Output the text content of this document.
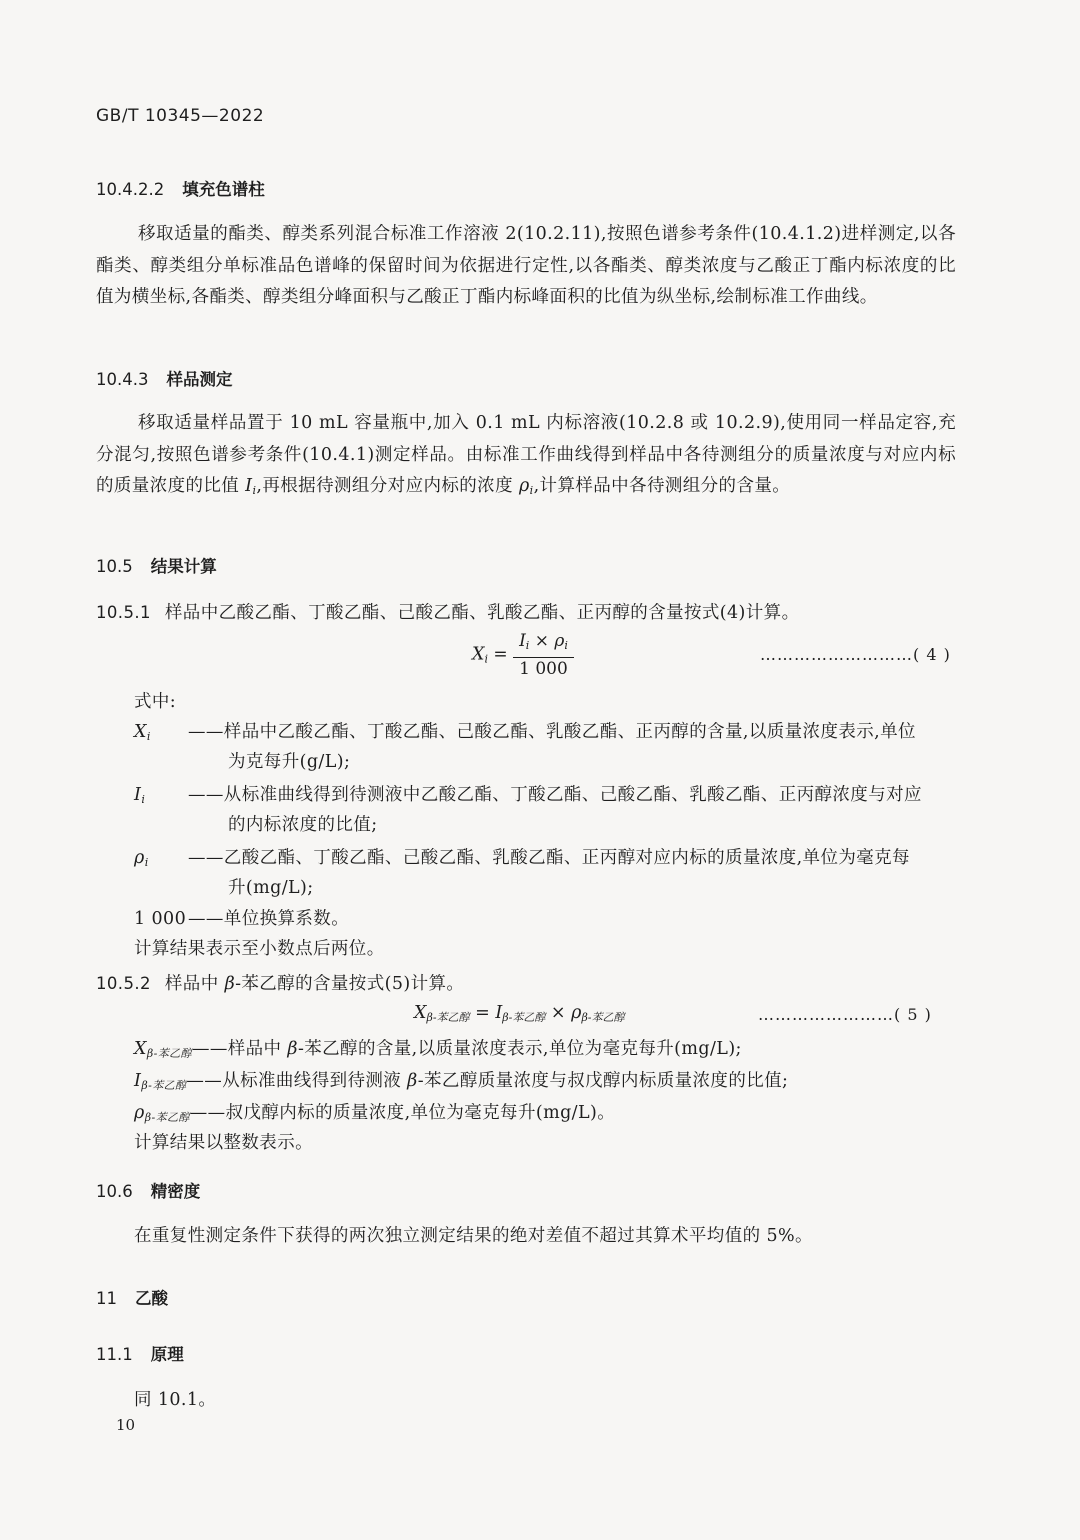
GB/T 10345—2022
10.4.2.2 填充色谱柱
移取适量的酯类、醇类系列混合标准工作溶液 2(10.2.11),按照色谱参考条件(10.4.1.2)进样测定,以各酯类、醇类组分单标准品色谱峰的保留时间为依据进行定性,以各酯类、醇类浓度与乙酸正丁酯内标浓度的比值为横坐标,各酯类、醇类组分峰面积与乙酸正丁酯内标峰面积的比值为纵坐标,绘制标准工作曲线。
10.4.3 样品测定
移取适量样品置于 10 mL 容量瓶中,加入 0.1 mL 内标溶液(10.2.8 或 10.2.9),使用同一样品定容,充分混匀,按照色谱参考条件(10.4.1)测定样品。由标准工作曲线得到样品中各待测组分的质量浓度与对应内标的质量浓度的比值 $I_i$,再根据待测组分对应内标的浓度 $\rho_i$,计算样品中各待测组分的含量。
10.5 结果计算
10.5.1 样品中乙酸乙酯、丁酸乙酯、己酸乙酯、乳酸乙酯、正丙醇的含量按式(4)计算。
$X_i = \frac{I_i \times \rho_i}{1 000}$	………………………( 4 )
式中:
$X_i$ ——样品中乙酸乙酯、丁酸乙酯、己酸乙酯、乳酸乙酯、正丙醇的含量,以质量浓度表示,单位
为克每升(g/L);
$I_i$ ——从标准曲线得到待测液中乙酸乙酯、丁酸乙酯、己酸乙酯、乳酸乙酯、正丙醇浓度与对应
的内标浓度的比值;
$\rho_i$ ——乙酸乙酯、丁酸乙酯、己酸乙酯、乳酸乙酯、正丙醇对应内标的质量浓度,单位为毫克每
升(mg/L);
1 000 ——单位换算系数。
计算结果表示至小数点后两位。
10.5.2 样品中 β-苯乙醇的含量按式(5)计算。
$X_{\beta-苯乙醇} = I_{\beta-苯乙醇} \times \rho_{\beta-苯乙醇}$	……………………( 5 )
$X_{\beta-苯乙醇}——$样品中 β-苯乙醇的含量,以质量浓度表示,单位为毫克每升(mg/L);
$I_{\beta-苯乙醇}——$从标准曲线得到待测液 β-苯乙醇质量浓度与叔戊醇内标质量浓度的比值;
$\rho_{\beta-苯乙醇}——$叔戊醇内标的质量浓度,单位为毫克每升(mg/L)。
计算结果以整数表示。
10.6 精密度
在重复性测定条件下获得的两次独立测定结果的绝对差值不超过其算术平均值的 5%。
11 乙酸
11.1 原理
同 10.1。
10
